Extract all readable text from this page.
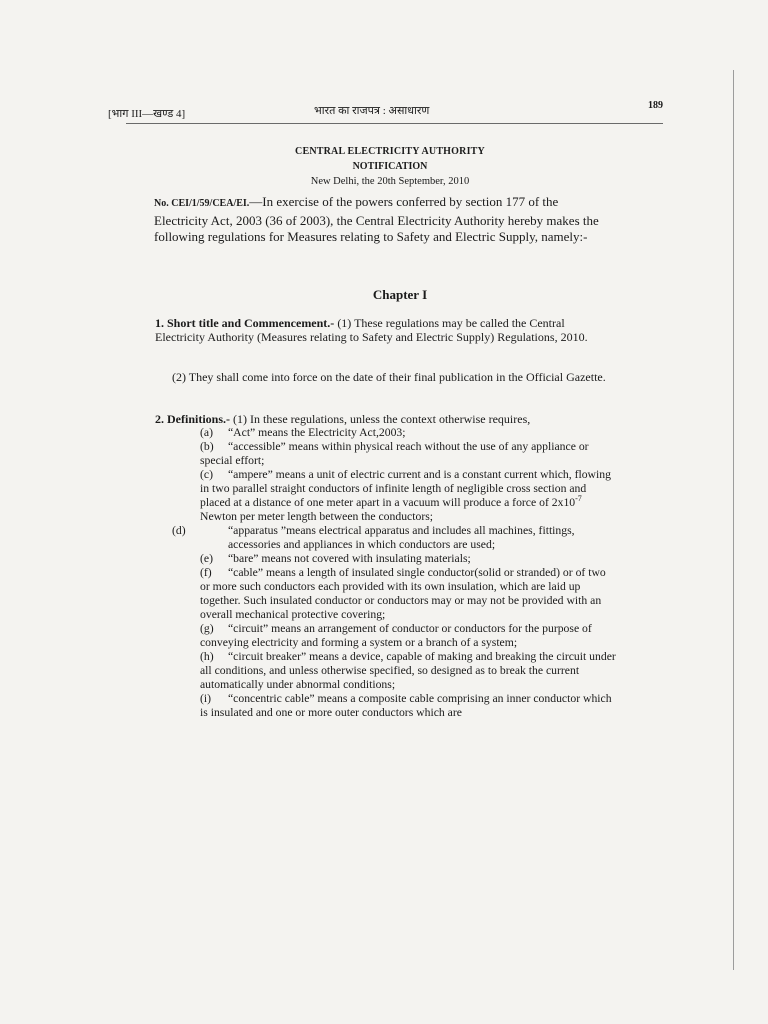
[भाग III—खण्ड 4]	भारत का राजपत्र : असाधारण	189
CENTRAL ELECTRICITY AUTHORITY
NOTIFICATION
New Delhi, the 20th September, 2010
No. CEI/1/59/CEA/EI.—In exercise of the powers conferred by section 177 of the Electricity Act, 2003 (36 of 2003), the Central Electricity Authority hereby makes the following regulations for Measures relating to Safety and Electric Supply, namely:-
Chapter I
1. Short title and Commencement.- (1) These regulations may be called the Central Electricity Authority (Measures relating to Safety and Electric Supply) Regulations, 2010.
(2) They shall come into force on the date of their final publication in the Official Gazette.
2. Definitions.- (1) In these regulations, unless the context otherwise requires,

(a) “Act” means the Electricity Act,2003;

(b) “accessible” means within physical reach without the use of any appliance or special effort;

(c) “ampere” means a unit of electric current and is a constant current which, flowing in two parallel straight conductors of infinite length of negligible cross section and placed at a distance of one meter apart in a vacuum will produce a force of $2x10^{-7}$ Newton per meter length between the conductors;

(d)	“apparatus ”means electrical apparatus and includes all machines, fittings, accessories and appliances in which conductors are used;

(e) “bare” means not covered with insulating materials;

(f) “cable” means a length of insulated single conductor(solid or stranded) or of two or more such conductors each provided with its own insulation, which are laid up together. Such insulated conductor or conductors may or may not be provided with an overall mechanical protective covering;

(g) “circuit” means an arrangement of conductor or conductors for the purpose of conveying electricity and forming a system or a branch of a system;

(h) “circuit breaker” means a device, capable of making and breaking the circuit under all conditions, and unless otherwise specified, so designed as to break the current automatically under abnormal conditions;

(i) “concentric cable” means a composite cable comprising an inner conductor which is insulated and one or more outer conductors which are
